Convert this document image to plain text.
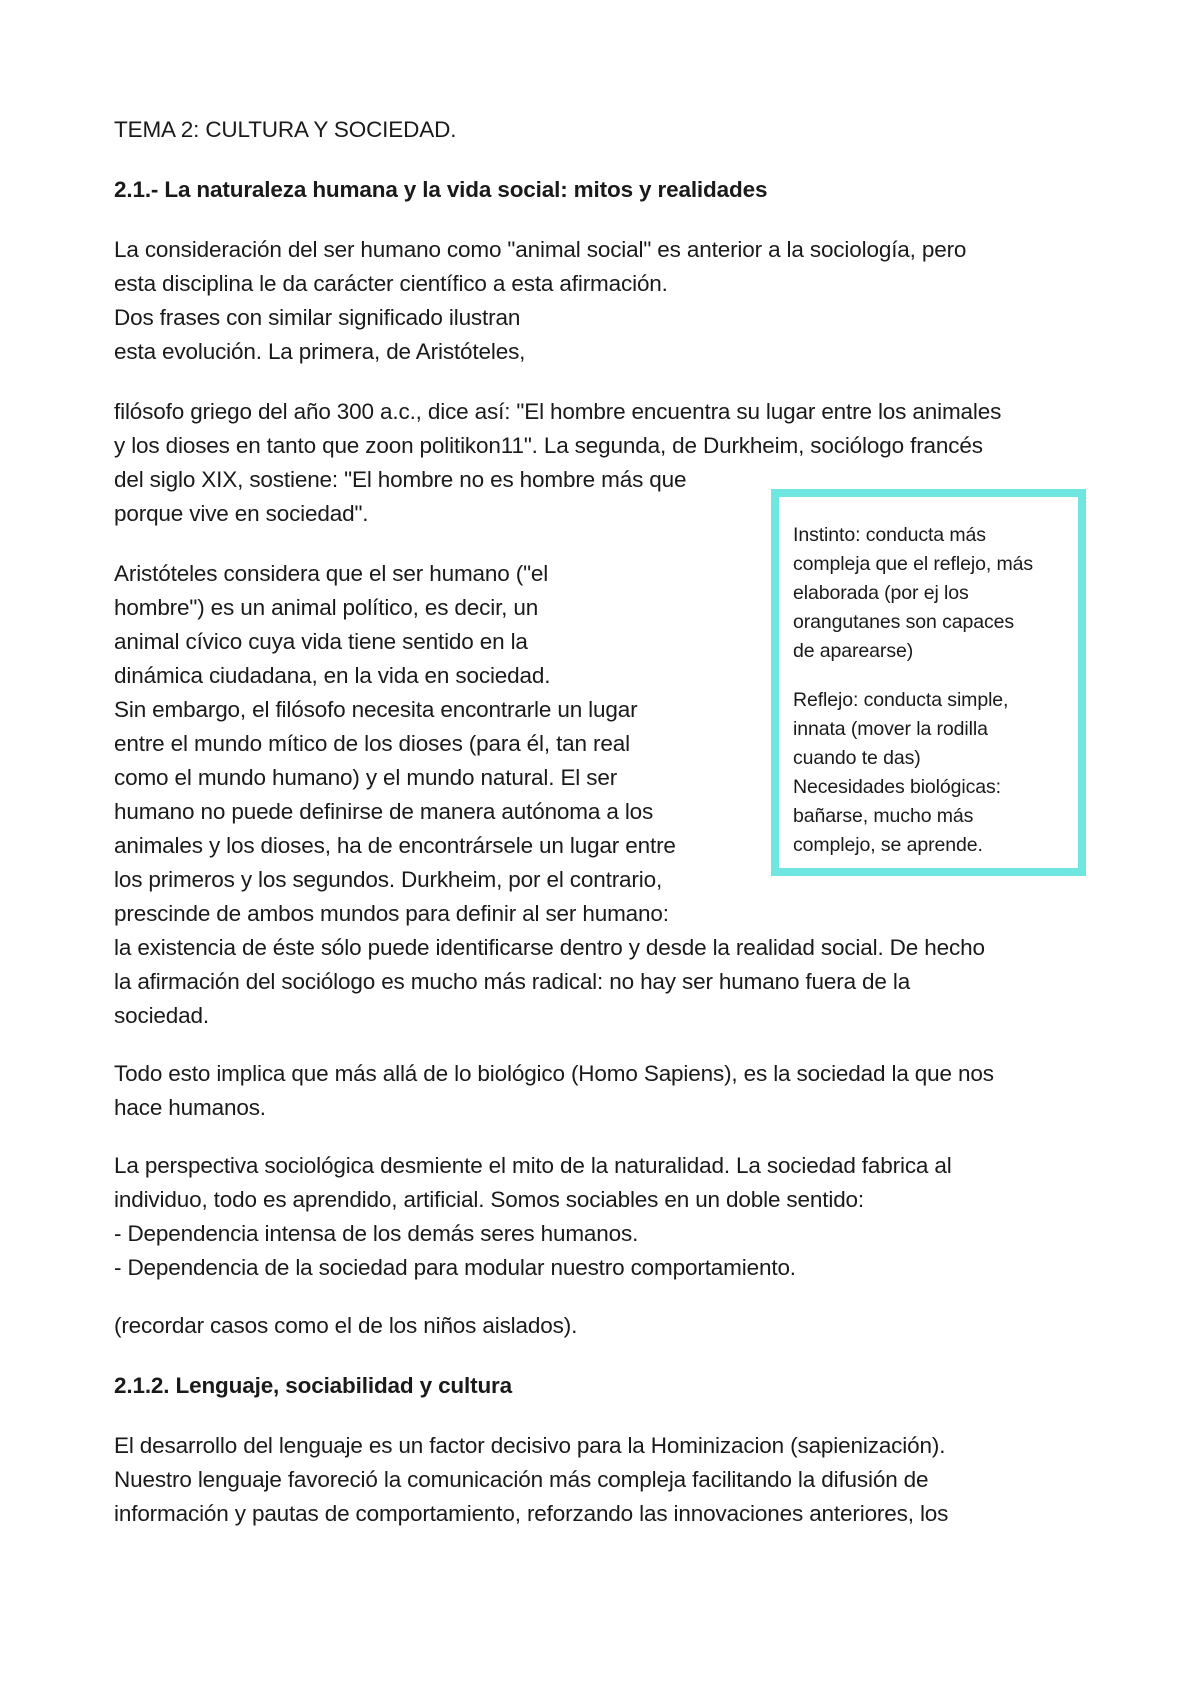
TEMA 2: CULTURA Y SOCIEDAD.
2.1.- La naturaleza humana y la vida social: mitos y realidades
La consideración del ser humano como "animal social" es anterior a la sociología, pero
esta disciplina le da carácter científico a esta afirmación.
Dos frases con similar significado ilustran
esta evolución. La primera, de Aristóteles,
filósofo griego del año 300 a.c., dice así: "El hombre encuentra su lugar entre los animales
y los dioses en tanto que zoon politikon11". La segunda, de Durkheim, sociólogo francés
del siglo XIX, sostiene: "El hombre no es hombre más que
porque vive en sociedad".
Aristóteles considera que el ser humano ("el
hombre") es un animal político, es decir, un
animal cívico cuya vida tiene sentido en la
dinámica ciudadana, en la vida en sociedad.
Sin embargo, el filósofo necesita encontrarle un lugar
entre el mundo mítico de los dioses (para él, tan real
como el mundo humano) y el mundo natural. El ser
humano no puede definirse de manera autónoma a los
animales y los dioses, ha de encontrársele un lugar entre
los primeros y los segundos. Durkheim, por el contrario,
prescinde de ambos mundos para definir al ser humano:
la existencia de éste sólo puede identificarse dentro y desde la realidad social. De hecho
la afirmación del sociólogo es mucho más radical: no hay ser humano fuera de la
sociedad.
Todo esto implica que más allá de lo biológico (Homo Sapiens), es la sociedad la que nos
hace humanos.
La perspectiva sociológica desmiente el mito de la naturalidad. La sociedad fabrica al
individuo, todo es aprendido, artificial. Somos sociables en un doble sentido:
- Dependencia intensa de los demás seres humanos.
- Dependencia de la sociedad para modular nuestro comportamiento.
(recordar casos como el de los niños aislados).
2.1.2. Lenguaje, sociabilidad y cultura
El desarrollo del lenguaje es un factor decisivo para la Hominizacion (sapienización).
Nuestro lenguaje favoreció la comunicación más compleja facilitando la difusión de
información y pautas de comportamiento, reforzando las innovaciones anteriores, los
Instinto: conducta más
compleja que el reflejo, más
elaborada (por ej los
orangutanes son capaces
de aparearse)
Reflejo: conducta simple,
innata (mover la rodilla
cuando te das)
Necesidades biológicas:
bañarse, mucho más
complejo, se aprende.
